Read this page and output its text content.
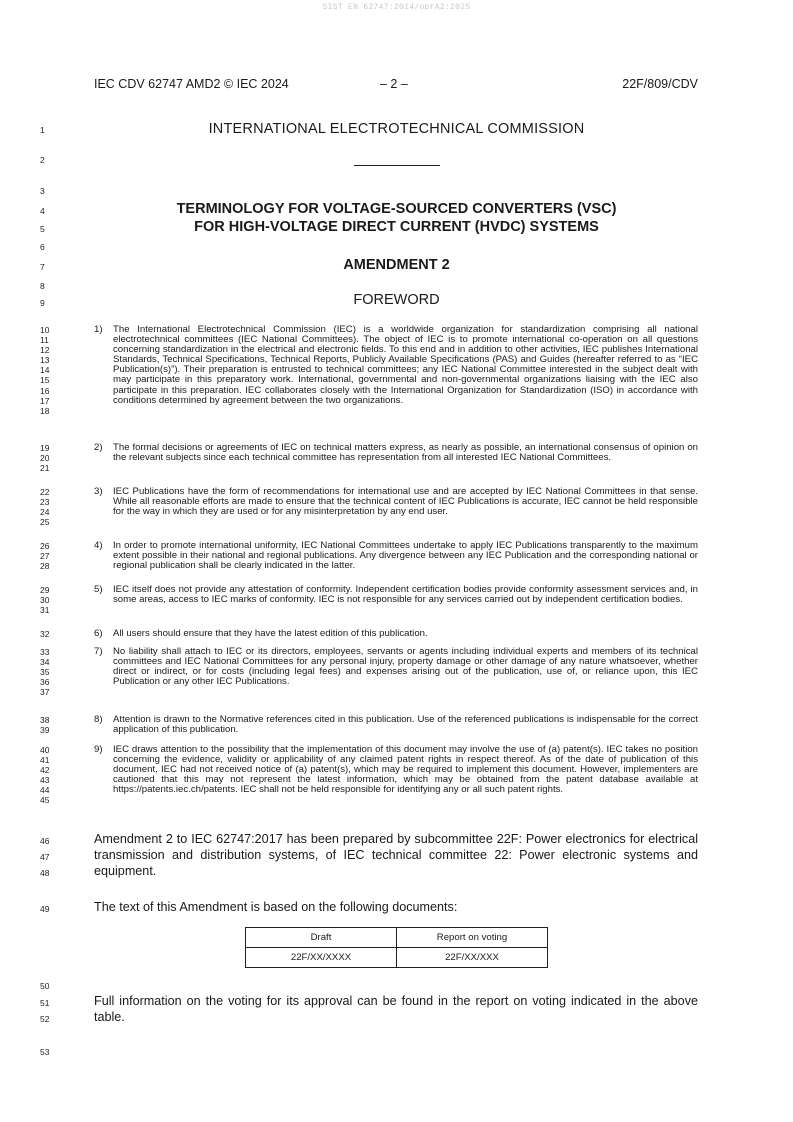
SIST EN 62747:2014/oprA2:2025
IEC CDV 62747 AMD2 © IEC 2024	– 2 –	22F/809/CDV
1
2
3
4
5
6
7
8
9
INTERNATIONAL ELECTROTECHNICAL COMMISSION
TERMINOLOGY FOR VOLTAGE-SOURCED CONVERTERS (VSC)
FOR HIGH-VOLTAGE DIRECT CURRENT (HVDC) SYSTEMS
AMENDMENT 2
FOREWORD
10
11
12
13
14
15
16
17
18
1)	The International Electrotechnical Commission (IEC) is a worldwide organization for standardization comprising all national electrotechnical committees (IEC National Committees). The object of IEC is to promote international co-operation on all questions concerning standardization in the electrical and electronic fields. To this end and in addition to other activities, IEC publishes International Standards, Technical Specifications, Technical Reports, Publicly Available Specifications (PAS) and Guides (hereafter referred to as “IEC Publication(s)”). Their preparation is entrusted to technical committees; any IEC National Committee interested in the subject dealt with may participate in this preparatory work. International, governmental and non-governmental organizations liaising with the IEC also participate in this preparation. IEC collaborates closely with the International Organization for Standardization (ISO) in accordance with conditions determined by agreement between the two organizations.
19
20
21
2)	The formal decisions or agreements of IEC on technical matters express, as nearly as possible, an international consensus of opinion on the relevant subjects since each technical committee has representation from all interested IEC National Committees.
22
23
24
25
3)	IEC Publications have the form of recommendations for international use and are accepted by IEC National Committees in that sense. While all reasonable efforts are made to ensure that the technical content of IEC Publications is accurate, IEC cannot be held responsible for the way in which they are used or for any misinterpretation by any end user.
26
27
28
4)	In order to promote international uniformity, IEC National Committees undertake to apply IEC Publications transparently to the maximum extent possible in their national and regional publications. Any divergence between any IEC Publication and the corresponding national or regional publication shall be clearly indicated in the latter.
29
30
31
5)	IEC itself does not provide any attestation of conformity. Independent certification bodies provide conformity assessment services and, in some areas, access to IEC marks of conformity. IEC is not responsible for any services carried out by independent certification bodies.
32	6)	All users should ensure that they have the latest edition of this publication.
33
34
35
36
37
7)	No liability shall attach to IEC or its directors, employees, servants or agents including individual experts and members of its technical committees and IEC National Committees for any personal injury, property damage or other damage of any nature whatsoever, whether direct or indirect, or for costs (including legal fees) and expenses arising out of the publication, use of, or reliance upon, this IEC Publication or any other IEC Publications.
38
39
8)	Attention is drawn to the Normative references cited in this publication. Use of the referenced publications is indispensable for the correct application of this publication.
40
41
42
43
44
45
9)	IEC draws attention to the possibility that the implementation of this document may involve the use of (a) patent(s). IEC takes no position concerning the evidence, validity or applicability of any claimed patent rights in respect thereof. As of the date of publication of this document, IEC had not received notice of (a) patent(s), which may be required to implement this document. However, implementers are cautioned that this may not represent the latest information, which may be obtained from the patent database available at https://patents.iec.ch/patents. IEC shall not be held responsible for identifying any or all such patent rights.
46
47
48
Amendment 2 to IEC 62747:2017 has been prepared by subcommittee 22F: Power electronics for electrical transmission and distribution systems, of IEC technical committee 22: Power electronic systems and equipment.
49	The text of this Amendment is based on the following documents:
Draft	Report on voting
22F/XX/XXXX	22F/XX/XXX
50
51
52
Full information on the voting for its approval can be found in the report on voting indicated in the above table.
53
